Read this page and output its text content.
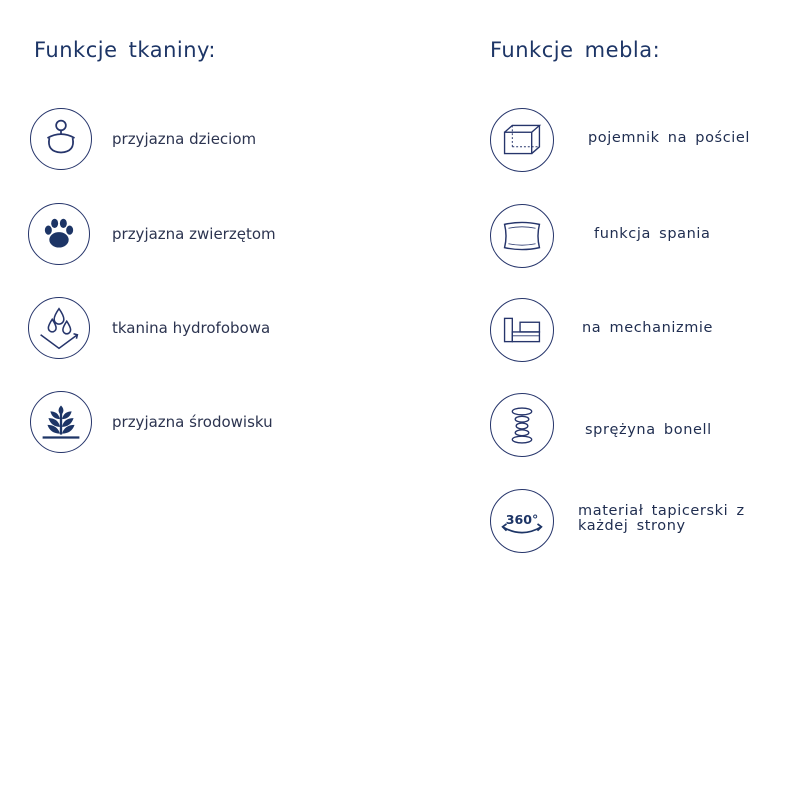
Funkcje tkaniny:
przyjazna dzieciom
przyjazna zwierzętom
tkanina hydrofobowa
przyjazna środowisku
Funkcje mebla:
pojemnik na pościel
funkcja spania
na mechanizmie
sprężyna bonell
360°
materiał tapicerski z każdej strony
